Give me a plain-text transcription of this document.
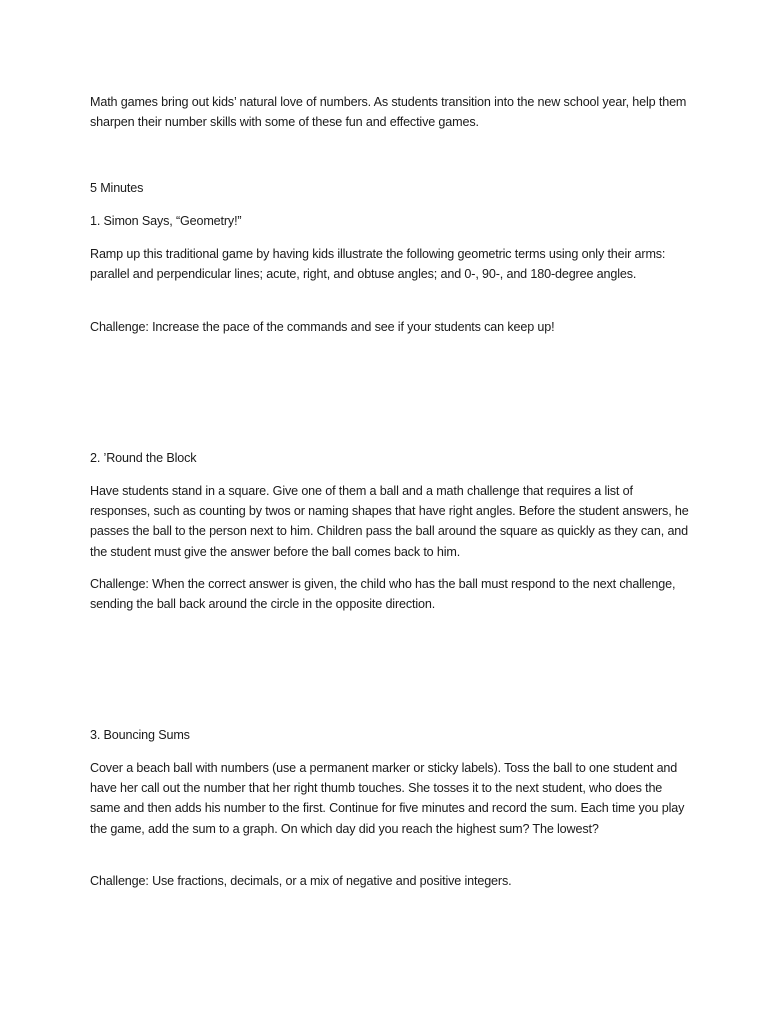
Math games bring out kids’ natural love of numbers. As students transition into the new school year, help them sharpen their number skills with some of these fun and effective games.

5 Minutes

1. Simon Says, “Geometry!”

Ramp up this traditional game by having kids illustrate the following geometric terms using only their arms: parallel and perpendicular lines; acute, right, and obtuse angles; and 0-, 90-, and 180-degree angles.

Challenge: Increase the pace of the commands and see if your students can keep up!

2. ’Round the Block

Have students stand in a square. Give one of them a ball and a math challenge that requires a list of responses, such as counting by twos or naming shapes that have right angles. Before the student answers, he passes the ball to the person next to him. Children pass the ball around the square as quickly as they can, and the student must give the answer before the ball comes back to him.

Challenge: When the correct answer is given, the child who has the ball must respond to the next challenge, sending the ball back around the circle in the opposite direction.

3. Bouncing Sums

Cover a beach ball with numbers (use a permanent marker or sticky labels). Toss the ball to one student and have her call out the number that her right thumb touches. She tosses it to the next student, who does the same and then adds his number to the first. Continue for five minutes and record the sum. Each time you play the game, add the sum to a graph. On which day did you reach the highest sum? The lowest?

Challenge: Use fractions, decimals, or a mix of negative and positive integers.
